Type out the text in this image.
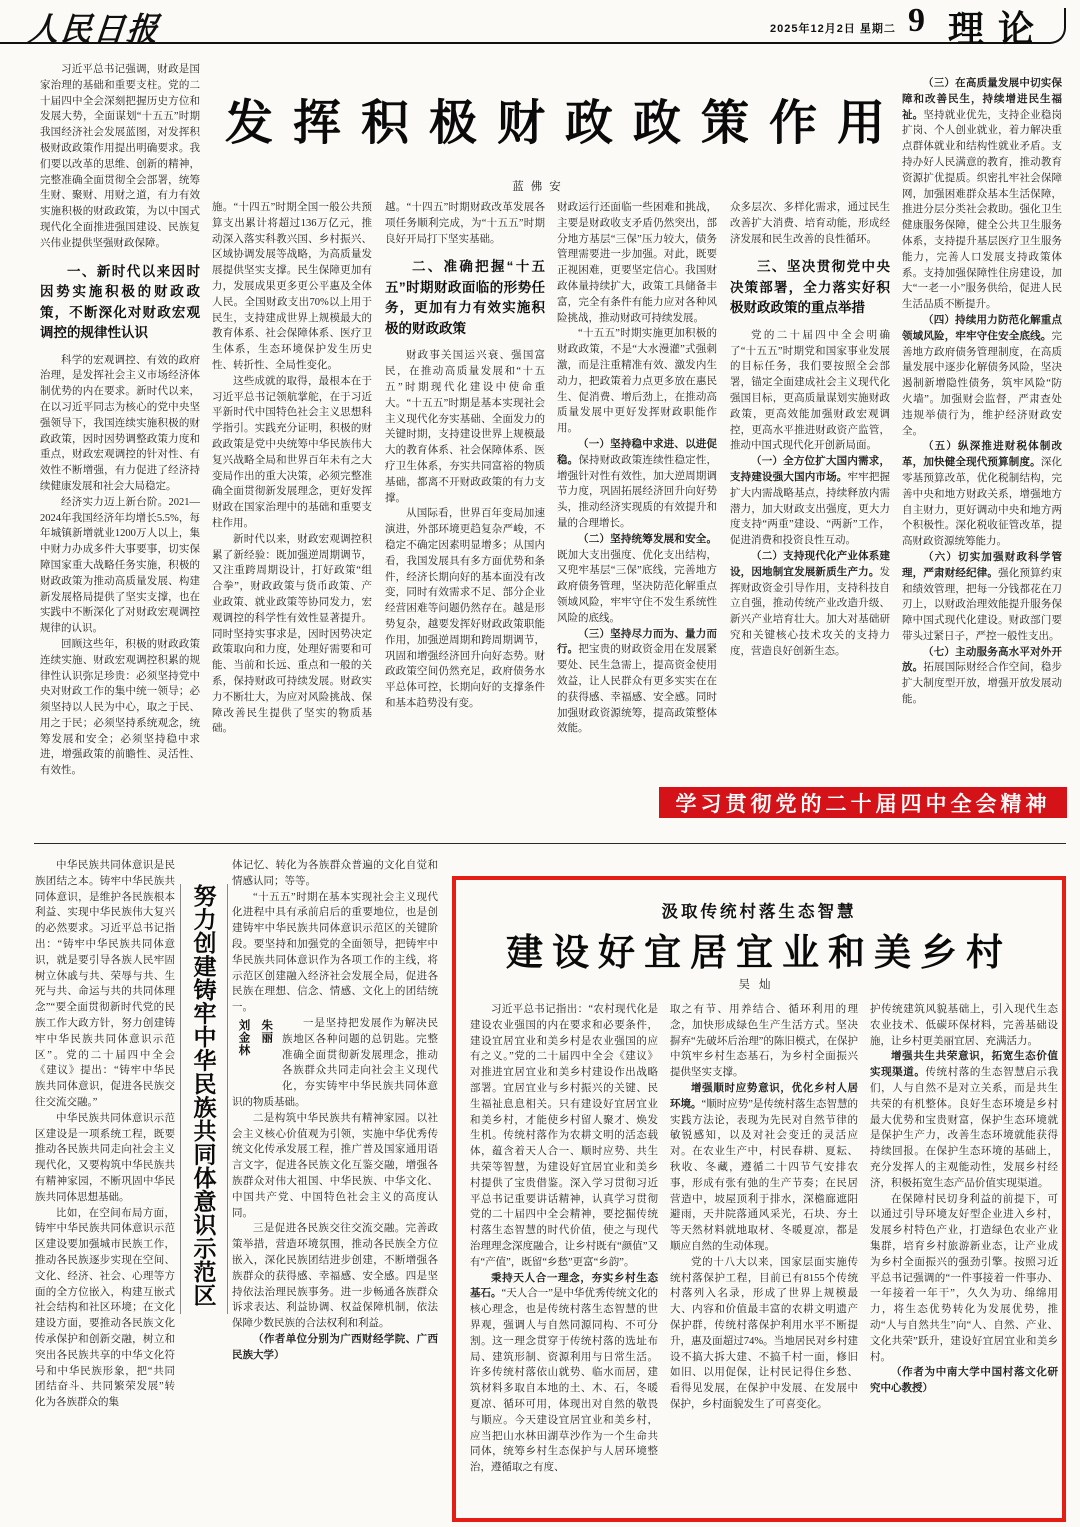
人民日报	2025年12月2日 星期二 9 理论
发挥积极财政政策作用
蓝佛安

习近平总书记强调，财政是国家治理的基础和重要支柱。党的二十届四中全会深刻把握历史方位和发展大势，全面谋划“十五五”时期我国经济社会发展蓝图，对发挥积极财政政策作用提出明确要求。我们要以改革的思维、创新的精神，完整准确全面贯彻全会部署，统筹生财、聚财、用财之道，有力有效实施积极的财政政策，为以中国式现代化全面推进强国建设、民族复兴伟业提供坚强财政保障。

一、新时代以来因时因势实施积极的财政政策，不断深化对财政宏观调控的规律性认识

科学的宏观调控、有效的政府治理，是发挥社会主义市场经济体制优势的内在要求。新时代以来，在以习近平同志为核心的党中央坚强领导下，我国连续实施积极的财政政策，因时因势调整政策力度和重点，财政宏观调控的针对性、有效性不断增强，有力促进了经济持续健康发展和社会大局稳定。

经济实力迈上新台阶。2021—2024年我国经济年均增长5.5%，每年城镇新增就业1200万人以上，集中财力办成多件大事要事，切实保障国家重大战略任务实施，积极的财政政策为推动高质量发展、构建新发展格局提供了坚实支撑，也在实践中不断深化了对财政宏观调控规律的认识。

回顾这些年，积极的财政政策连续实施、财政宏观调控积累的规律性认识弥足珍贵：必须坚持党中央对财政工作的集中统一领导；必须坚持以人民为中心，取之于民、用之于民；必须坚持系统观念，统筹发展和安全；必须坚持稳中求进，增强政策的前瞻性、灵活性、有效性。

施。“十四五”时期全国一般公共预算支出累计将超过136万亿元，推动深入落实科教兴国、乡村振兴、区域协调发展等战略，为高质量发展提供坚实支撑。民生保障更加有力，发展成果更多更公平惠及全体人民。全国财政支出70%以上用于民生，支持建成世界上规模最大的教育体系、社会保障体系、医疗卫生体系，生态环境保护发生历史性、转折性、全局性变化。

这些成就的取得，最根本在于习近平总书记领航掌舵，在于习近平新时代中国特色社会主义思想科学指引。实践充分证明，积极的财政政策是党中央统筹中华民族伟大复兴战略全局和世界百年未有之大变局作出的重大决策，必须完整准确全面贯彻新发展理念，更好发挥财政在国家治理中的基础和重要支柱作用。

新时代以来，财政宏观调控积累了新经验：既加强逆周期调节，又注重跨周期设计，打好政策“组合拳”，财政政策与货币政策、产业政策、就业政策等协同发力，宏观调控的科学性有效性显著提升。同时坚持实事求是，因时因势决定政策取向和力度，处理好需要和可能、当前和长远、重点和一般的关系，保持财政可持续发展。财政实力不断壮大，为应对风险挑战、保障改善民生提供了坚实的物质基础。

越。“十四五”时期财政改革发展各项任务顺利完成，为“十五五”时期良好开局打下坚实基础。

二、准确把握“十五五”时期财政面临的形势任务，更加有力有效实施积极的财政政策

财政事关国运兴衰、强国富民，在推动高质量发展和“十五五”时期现代化建设中使命重大。“十五五”时期是基本实现社会主义现代化夯实基础、全面发力的关键时期，支持建设世界上规模最大的教育体系、社会保障体系、医疗卫生体系，夯实共同富裕的物质基础，都离不开财政政策的有力支撑。

从国际看，世界百年变局加速演进，外部环境更趋复杂严峻，不稳定不确定因素明显增多；从国内看，我国发展具有多方面优势和条件，经济长期向好的基本面没有改变，同时有效需求不足、部分企业经营困难等问题仍然存在。越是形势复杂，越要发挥好财政政策职能作用，加强逆周期和跨周期调节，巩固和增强经济回升向好态势。财政政策空间仍然充足，政府债务水平总体可控，长期向好的支撑条件和基本趋势没有变。

财政运行还面临一些困难和挑战，主要是财政收支矛盾仍然突出，部分地方基层“三保”压力较大，债务管理需要进一步加强。对此，既要正视困难，更要坚定信心。我国财政体量持续扩大，政策工具储备丰富，完全有条件有能力应对各种风险挑战，推动财政可持续发展。

“十五五”时期实施更加积极的财政政策，不是“大水漫灌”式强刺激，而是注重精准有效、激发内生动力，把政策着力点更多放在惠民生、促消费、增后劲上，在推动高质量发展中更好发挥财政职能作用。

（一）坚持稳中求进、以进促稳。保持财政政策连续性稳定性，增强针对性有效性，加大逆周期调节力度，巩固拓展经济回升向好势头，推动经济实现质的有效提升和量的合理增长。

（二）坚持统筹发展和安全。既加大支出强度、优化支出结构，又兜牢基层“三保”底线，完善地方政府债务管理，坚决防范化解重点领域风险，牢牢守住不发生系统性风险的底线。

（三）坚持尽力而为、量力而行。把宝贵的财政资金用在发展紧要处、民生急需上，提高资金使用效益，让人民群众有更多实实在在的获得感、幸福感、安全感。同时加强财政资源统筹，提高政策整体效能。

众多层次、多样化需求，通过民生改善扩大消费、培育动能，形成经济发展和民生改善的良性循环。

三、坚决贯彻党中央决策部署，全力落实好积极财政政策的重点举措

党的二十届四中全会明确了“十五五”时期党和国家事业发展的目标任务，我们要按照全会部署，锚定全面建成社会主义现代化强国目标，更高质量谋划实施财政政策，更高效能加强财政宏观调控，更高水平推进财政资产监管，推动中国式现代化开创新局面。

（一）全方位扩大国内需求，支持建设强大国内市场。牢牢把握扩大内需战略基点，持续释放内需潜力，加大财政支出强度，更大力度支持“两重”建设、“两新”工作，促进消费和投资良性互动。

（二）支持现代化产业体系建设，因地制宜发展新质生产力。发挥财政资金引导作用，支持科技自立自强，推动传统产业改造升级、新兴产业培育壮大。加大对基础研究和关键核心技术攻关的支持力度，营造良好创新生态。

（三）在高质量发展中切实保障和改善民生，持续增进民生福祉。坚持就业优先，支持企业稳岗扩岗、个人创业就业，着力解决重点群体就业和结构性就业矛盾。支持办好人民满意的教育，推动教育资源扩优提质。织密扎牢社会保障网，加强困难群众基本生活保障，推进分层分类社会救助。强化卫生健康服务保障，健全公共卫生服务体系，支持提升基层医疗卫生服务能力，完善人口发展支持政策体系。支持加强保障性住房建设，加大“一老一小”服务供给，促进人民生活品质不断提升。

（四）持续用力防范化解重点领域风险，牢牢守住安全底线。完善地方政府债务管理制度，在高质量发展中逐步化解债务风险，坚决遏制新增隐性债务，筑牢风险“防火墙”。加强财会监督，严肃查处违规举债行为，维护经济财政安全。

（五）纵深推进财税体制改革，加快健全现代预算制度。深化零基预算改革，优化税制结构，完善中央和地方财政关系，增强地方自主财力，更好调动中央和地方两个积极性。深化税收征管改革，提高财政资源统筹能力。

（六）切实加强财政科学管理，严肃财经纪律。强化预算约束和绩效管理，把每一分钱都花在刀刃上，以财政治理效能提升服务保障中国式现代化建设。财政部门要带头过紧日子，严控一般性支出。

（七）主动服务高水平对外开放。拓展国际财经合作空间，稳步扩大制度型开放，增强开放发展动能。

学习贯彻党的二十届四中全会精神

中华民族共同体意识是民族团结之本。铸牢中华民族共同体意识，是维护各民族根本利益、实现中华民族伟大复兴的必然要求。习近平总书记指出：“铸牢中华民族共同体意识，就是要引导各族人民牢固树立休戚与共、荣辱与共、生死与共、命运与共的共同体理念”“要全面贯彻新时代党的民族工作大政方针，努力创建铸牢中华民族共同体意识示范区”。党的二十届四中全会《建议》提出：“铸牢中华民族共同体意识，促进各民族交往交流交融。”

中华民族共同体意识示范区建设是一项系统工程，既要推动各民族共同走向社会主义现代化，又要构筑中华民族共有精神家园，不断巩固中华民族共同体思想基础。

比如，在空间布局方面，铸牢中华民族共同体意识示范区建设要加强城市民族工作，推动各民族逐步实现在空间、文化、经济、社会、心理等方面的全方位嵌入，构建互嵌式社会结构和社区环境；在文化建设方面，要推动各民族文化传承保护和创新交融，树立和突出各民族共享的中华文化符号和中华民族形象，把“共同团结奋斗、共同繁荣发展”转化为各族群众的集

努力创建铸牢中华民族共同体意识示范区

体记忆、转化为各族群众普遍的文化自觉和情感认同；等等。

“十五五”时期在基本实现社会主义现代化进程中具有承前启后的重要地位，也是创建铸牢中华民族共同体意识示范区的关键阶段。要坚持和加强党的全面领导，把铸牢中华民族共同体意识作为各项工作的主线，将示范区创建融入经济社会发展全局，促进各民族在理想、信念、情感、文化上的团结统一。

刘金林 朱丽	一是坚持把发展作为解决民族地区各种问题的总钥匙。完整准确全面贯彻新发展理念，推动各族群众共同走向社会主义现代化，夯实铸牢中华民族共同体意识的物质基础。

二是构筑中华民族共有精神家园。以社会主义核心价值观为引领，实施中华优秀传统文化传承发展工程，推广普及国家通用语言文字，促进各民族文化互鉴交融，增强各族群众对伟大祖国、中华民族、中华文化、中国共产党、中国特色社会主义的高度认同。

三是促进各民族交往交流交融。完善政策举措，营造环境氛围，推动各民族全方位嵌入，深化民族团结进步创建，不断增强各族群众的获得感、幸福感、安全感。四是坚持依法治理民族事务。进一步畅通各族群众诉求表达、利益协调、权益保障机制，依法保障少数民族的合法权利和利益。

（作者单位分别为广西财经学院、广西民族大学）

汲取传统村落生态智慧
建设好宜居宜业和美乡村
吴灿

习近平总书记指出：“农村现代化是建设农业强国的内在要求和必要条件，建设宜居宜业和美乡村是农业强国的应有之义。”党的二十届四中全会《建议》对推进宜居宜业和美乡村建设作出战略部署。宜居宜业与乡村振兴的关键、民生福祉息息相关。只有建设好宜居宜业和美乡村，才能使乡村留人聚才、焕发生机。传统村落作为农耕文明的活态载体，蕴含着天人合一、顺时应势、共生共荣等智慧，为建设好宜居宜业和美乡村提供了宝贵借鉴。深入学习贯彻习近平总书记重要讲话精神，认真学习贯彻党的二十届四中全会精神，要挖掘传统村落生态智慧的时代价值，使之与现代治理理念深度融合，让乡村既有“颜值”又有“产值”，既留“乡愁”更富“乡韵”。

秉持天人合一理念，夯实乡村生态基石。“天人合一”是中华优秀传统文化的核心理念，也是传统村落生态智慧的世界观，强调人与自然同源同构、不可分割。这一理念贯穿于传统村落的选址布局、建筑形制、资源利用与日常生活。许多传统村落依山就势、临水而居，建筑材料多取自本地的土、木、石，冬暖夏凉、循环可用，体现出对自然的敬畏与顺应。今天建设宜居宜业和美乡村，应当把山水林田湖草沙作为一个生命共同体，统筹乡村生态保护与人居环境整治，遵循取之有度、

取之有节、用养结合、循环利用的理念，加快形成绿色生产生活方式。坚决摒弃“先破坏后治理”的陈旧模式，在保护中筑牢乡村生态基石，为乡村全面振兴提供坚实支撑。

增强顺时应势意识，优化乡村人居环境。“顺时应势”是传统村落生态智慧的实践方法论，表现为先民对自然节律的敏锐感知，以及对社会变迁的灵活应对。在农业生产中，村民春耕、夏耘、秋收、冬藏，遵循二十四节气安排农事，形成有张有弛的生产节奏；在民居营造中，坡屋顶利于排水，深檐廊遮阳避雨，天井院落通风采光，石块、夯土等天然材料就地取材、冬暖夏凉，都是顺应自然的生动体现。

党的十八大以来，国家层面实施传统村落保护工程，目前已有8155个传统村落列入名录，形成了世界上规模最大、内容和价值最丰富的农耕文明遗产保护群，传统村落保护利用水平不断提升，惠及面超过74%。当地居民对乡村建设不搞大拆大建、不搞千村一面，修旧如旧、以用促保，让村民记得住乡愁、看得见发展，在保护中发展、在发展中保护，乡村面貌发生了可喜变化。

护传统建筑风貌基础上，引入现代生态农业技术、低碳环保材料，完善基础设施，让乡村更美丽宜居、充满活力。

增强共生共荣意识，拓宽生态价值实现渠道。传统村落的生态智慧启示我们，人与自然不是对立关系，而是共生共荣的有机整体。良好生态环境是乡村最大优势和宝贵财富，保护生态环境就是保护生产力，改善生态环境就能获得持续回报。在保护生态环境的基础上，充分发挥人的主观能动性，发展乡村经济，积极拓宽生态产品价值实现渠道。

在保障村民切身利益的前提下，可以通过引导环境友好型企业进入乡村，发展乡村特色产业，打造绿色农业产业集群，培育乡村旅游新业态，让产业成为乡村全面振兴的强劲引擎。按照习近平总书记强调的“一件事接着一件事办、一年接着一年干”，久久为功、绵绵用力，将生态优势转化为发展优势，推动“人与自然共生”向“人、自然、产业、文化共荣”跃升，建设好宜居宜业和美乡村。

（作者为中南大学中国村落文化研究中心教授）
